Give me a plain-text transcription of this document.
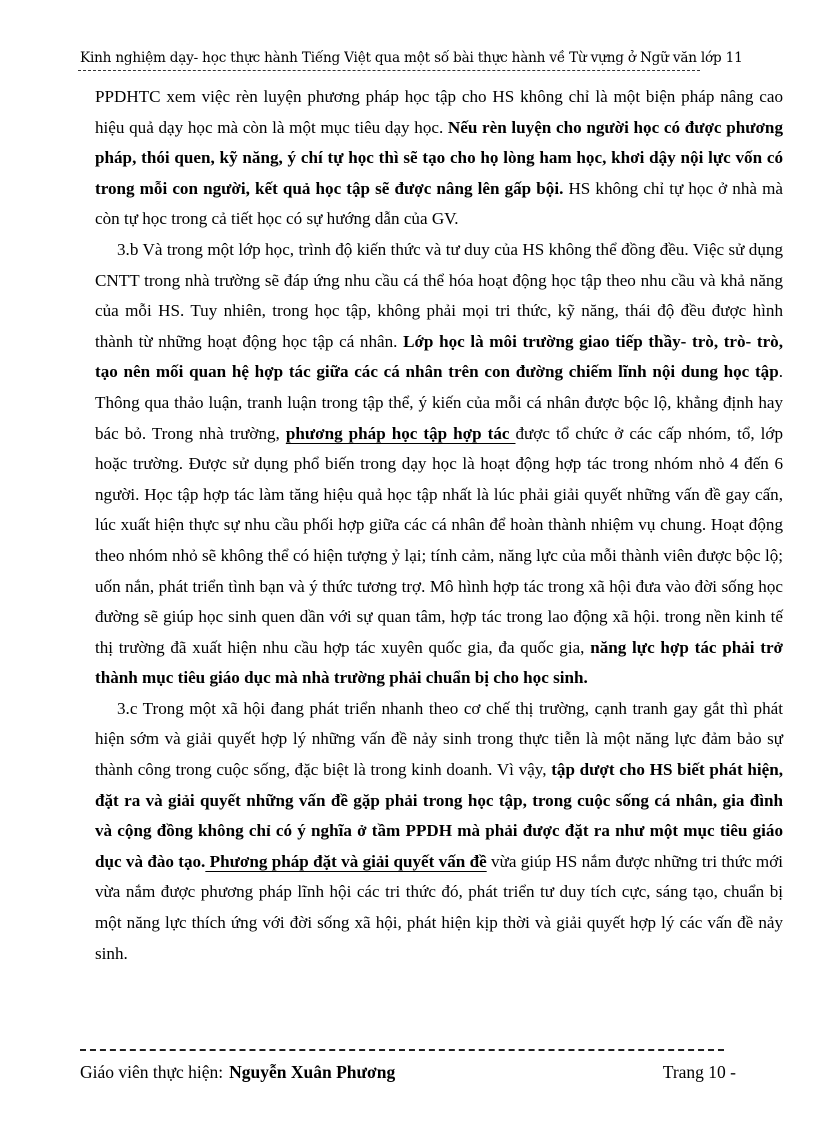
Kinh nghiệm dạy- học thực hành Tiếng Việt qua một số bài thực hành về Từ vựng ở Ngữ văn lớp 11

PPDHTC xem việc rèn luyện phương pháp học tập cho HS không chỉ là một biện pháp nâng cao hiệu quả dạy học mà còn là một mục tiêu dạy học. Nếu rèn luyện cho người học có được phương pháp, thói quen, kỹ năng, ý chí tự học thì sẽ tạo cho họ lòng ham học, khơi dậy nội lực vốn có trong mỗi con người, kết quả học tập sẽ được nâng lên gấp bội. HS không chỉ tự học ở nhà mà còn tự học trong cả tiết học có sự hướng dẫn của GV.

3.b Và trong một lớp học, trình độ kiến thức và tư duy của HS không thể đồng đều. Việc sử dụng CNTT trong nhà trường sẽ đáp ứng nhu cầu cá thể hóa hoạt động học tập theo nhu cầu và khả năng của mỗi HS. Tuy nhiên, trong học tập, không phải mọi tri thức, kỹ năng, thái độ đều được hình thành từ những hoạt động học tập cá nhân. Lớp học là môi trường giao tiếp thầy- trò, trò- trò, tạo nên mối quan hệ hợp tác giữa các cá nhân trên con đường chiếm lĩnh nội dung học tập. Thông qua thảo luận, tranh luận trong tập thể, ý kiến của mỗi cá nhân được bộc lộ, khẳng định hay bác bỏ. Trong nhà trường, phương pháp học tập hợp tác được tổ chức ở các cấp nhóm, tổ, lớp hoặc trường. Được sử dụng phổ biến trong dạy học là hoạt động hợp tác trong nhóm nhỏ 4 đến 6 người. Học tập hợp tác làm tăng hiệu quả học tập nhất là lúc phải giải quyết những vấn đề gay cấn, lúc xuất hiện thực sự nhu cầu phối hợp giữa các cá nhân để hoàn thành nhiệm vụ chung. Hoạt động theo nhóm nhỏ sẽ không thể có hiện tượng ỷ lại; tính cảm, năng lực của mỗi thành viên được bộc lộ; uốn nắn, phát triển tình bạn và ý thức tương trợ. Mô hình hợp tác trong xã hội đưa vào đời sống học đường sẽ giúp học sinh quen dần với sự quan tâm, hợp tác trong lao động xã hội. trong nền kinh tế thị trường đã xuất hiện nhu cầu hợp tác xuyên quốc gia, đa quốc gia, năng lực hợp tác phải trở thành mục tiêu giáo dục mà nhà trường phải chuẩn bị cho học sinh.

3.c Trong một xã hội đang phát triển nhanh theo cơ chế thị trường, cạnh tranh gay gắt thì phát hiện sớm và giải quyết hợp lý những vấn đề nảy sinh trong thực tiễn là một năng lực đảm bảo sự thành công trong cuộc sống, đặc biệt là trong kinh doanh. Vì vậy, tập dượt cho HS biết phát hiện, đặt ra và giải quyết những vấn đề gặp phải trong học tập, trong cuộc sống cá nhân, gia đình và cộng đồng không chỉ có ý nghĩa ở tầm PPDH mà phải được đặt ra như một mục tiêu giáo dục và đào tạo. Phương pháp đặt và giải quyết vấn đề vừa giúp HS nắm được những tri thức mới vừa nắm được phương pháp lĩnh hội các tri thức đó, phát triển tư duy tích cực, sáng tạo, chuẩn bị một năng lực thích ứng với đời sống xã hội, phát hiện kịp thời và giải quyết hợp lý các vấn đề nảy sinh.

Giáo viên thực hiện: Nguyễn Xuân Phương	Trang 10 -
